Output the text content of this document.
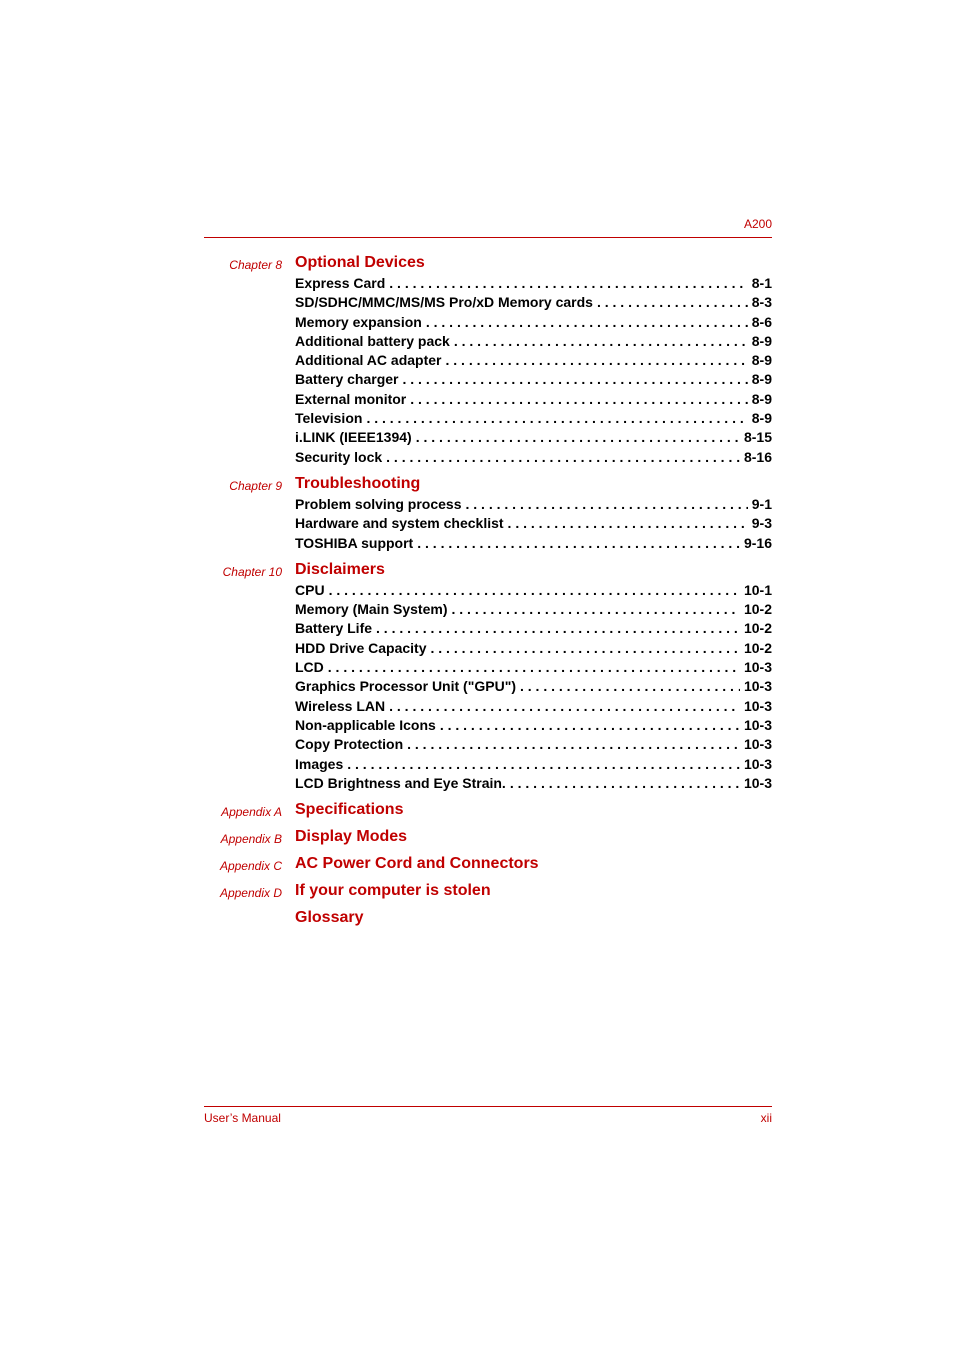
A200
Chapter 8 Optional Devices
Express Card . . .	8-1
SD/SDHC/MMC/MS/MS Pro/xD Memory cards . . .	8-3
Memory expansion . . .	8-6
Additional battery pack . . .	8-9
Additional AC adapter . . .	8-9
Battery charger . . .	8-9
External monitor . . .	8-9
Television . . .	8-9
i.LINK (IEEE1394) . . .	8-15
Security lock . . .	8-16
Chapter 9 Troubleshooting
Problem solving process . . .	9-1
Hardware and system checklist . . .	9-3
TOSHIBA support . . .	9-16
Chapter 10 Disclaimers
CPU . . .	10-1
Memory (Main System) . . .	10-2
Battery Life . . .	10-2
HDD Drive Capacity . . .	10-2
LCD . . .	10-3
Graphics Processor Unit ("GPU") . . .	10-3
Wireless LAN . . .	10-3
Non-applicable Icons . . .	10-3
Copy Protection . . .	10-3
Images . . .	10-3
LCD Brightness and Eye Strain. . . .	10-3
Appendix A Specifications
Appendix B Display Modes
Appendix C AC Power Cord and Connectors
Appendix D If your computer is stolen
Glossary
User’s Manual	xii
